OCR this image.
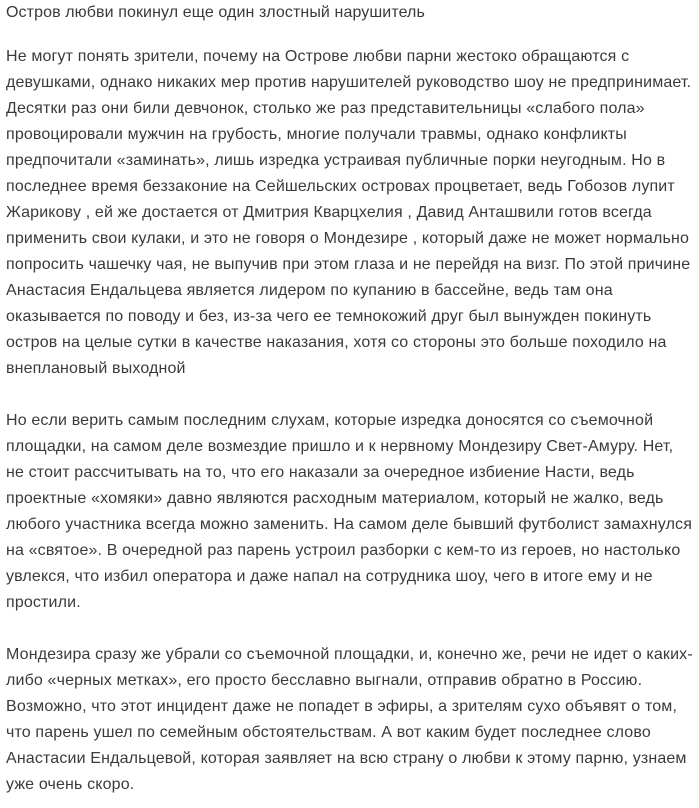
Остров любви покинул еще один злостный нарушитель

Не могут понять зрители, почему на Острове любви парни жестоко обращаются с девушками, однако никаких мер против нарушителей руководство шоу не предпринимает. Десятки раз они били девчонок, столько же раз представительницы «слабого пола» провоцировали мужчин на грубость, многие получали травмы, однако конфликты предпочитали «заминать», лишь изредка устраивая публичные порки неугодным. Но в последнее время беззаконие на Сейшельских островах процветает, ведь Гобозов лупит Жарикову , ей же достается от Дмитрия Кварцхелия , Давид Анташвили готов всегда применить свои кулаки, и это не говоря о Мондезире , который даже не может нормально попросить чашечку чая, не выпучив при этом глаза и не перейдя на визг. По этой причине Анастасия Ендальцева является лидером по купанию в бассейне, ведь там она оказывается по поводу и без, из-за чего ее темнокожий друг был вынужден покинуть остров на целые сутки в качестве наказания, хотя со стороны это больше походило на внеплановый выходной

Но если верить самым последним слухам, которые изредка доносятся со съемочной площадки, на самом деле возмездие пришло и к нервному Мондезиру Свет-Амуру. Нет, не стоит рассчитывать на то, что его наказали за очередное избиение Насти, ведь проектные «хомяки» давно являются расходным материалом, который не жалко, ведь любого участника всегда можно заменить. На самом деле бывший футболист замахнулся на «святое». В очередной раз парень устроил разборки с кем-то из героев, но настолько увлекся, что избил оператора и даже напал на сотрудника шоу, чего в итоге ему и не простили.

Мондезира сразу же убрали со съемочной площадки, и, конечно же, речи не идет о каких-либо «черных метках», его просто бесславно выгнали, отправив обратно в Россию. Возможно, что этот инцидент даже не попадет в эфиры, а зрителям сухо объявят о том, что парень ушел по семейным обстоятельствам. А вот каким будет последнее слово Анастасии Ендальцевой, которая заявляет на всю страну о любви к этому парню, узнаем уже очень скоро.
